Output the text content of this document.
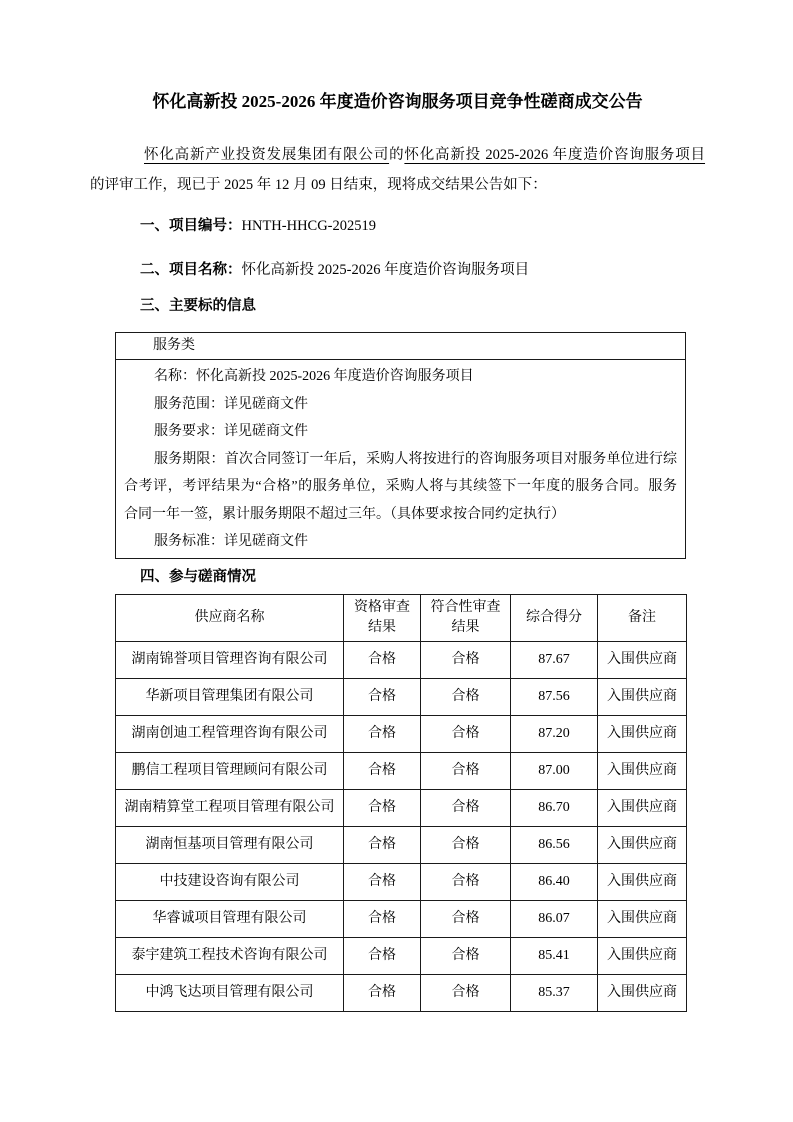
怀化高新投 2025-2026 年度造价咨询服务项目竞争性磋商成交公告
怀化高新产业投资发展集团有限公司的怀化高新投 2025-2026 年度造价咨询服务项目
的评审工作，现已于 2025 年 12 月 09 日结束，现将成交结果公告如下：
一、项目编号：HNTH-HHCG-202519
二、项目名称：怀化高新投 2025-2026 年度造价咨询服务项目
三、主要标的信息
服务类
名称：怀化高新投 2025-2026 年度造价咨询服务项目
服务范围：详见磋商文件
服务要求：详见磋商文件
服务期限：首次合同签订一年后，采购人将按进行的咨询服务项目对服务单位进行综
合考评，考评结果为“合格”的服务单位，采购人将与其续签下一年度的服务合同。服务
合同一年一签，累计服务期限不超过三年。（具体要求按合同约定执行）
服务标准：详见磋商文件
四、参与磋商情况
供应商名称	资格审查结果	符合性审查结果	综合得分	备注
湖南锦誉项目管理咨询有限公司	合格	合格	87.67	入围供应商
华新项目管理集团有限公司	合格	合格	87.56	入围供应商
湖南创迪工程管理咨询有限公司	合格	合格	87.20	入围供应商
鹏信工程项目管理顾问有限公司	合格	合格	87.00	入围供应商
湖南精算堂工程项目管理有限公司	合格	合格	86.70	入围供应商
湖南恒基项目管理有限公司	合格	合格	86.56	入围供应商
中技建设咨询有限公司	合格	合格	86.40	入围供应商
华睿诚项目管理有限公司	合格	合格	86.07	入围供应商
泰宇建筑工程技术咨询有限公司	合格	合格	85.41	入围供应商
中鸿飞达项目管理有限公司	合格	合格	85.37	入围供应商
